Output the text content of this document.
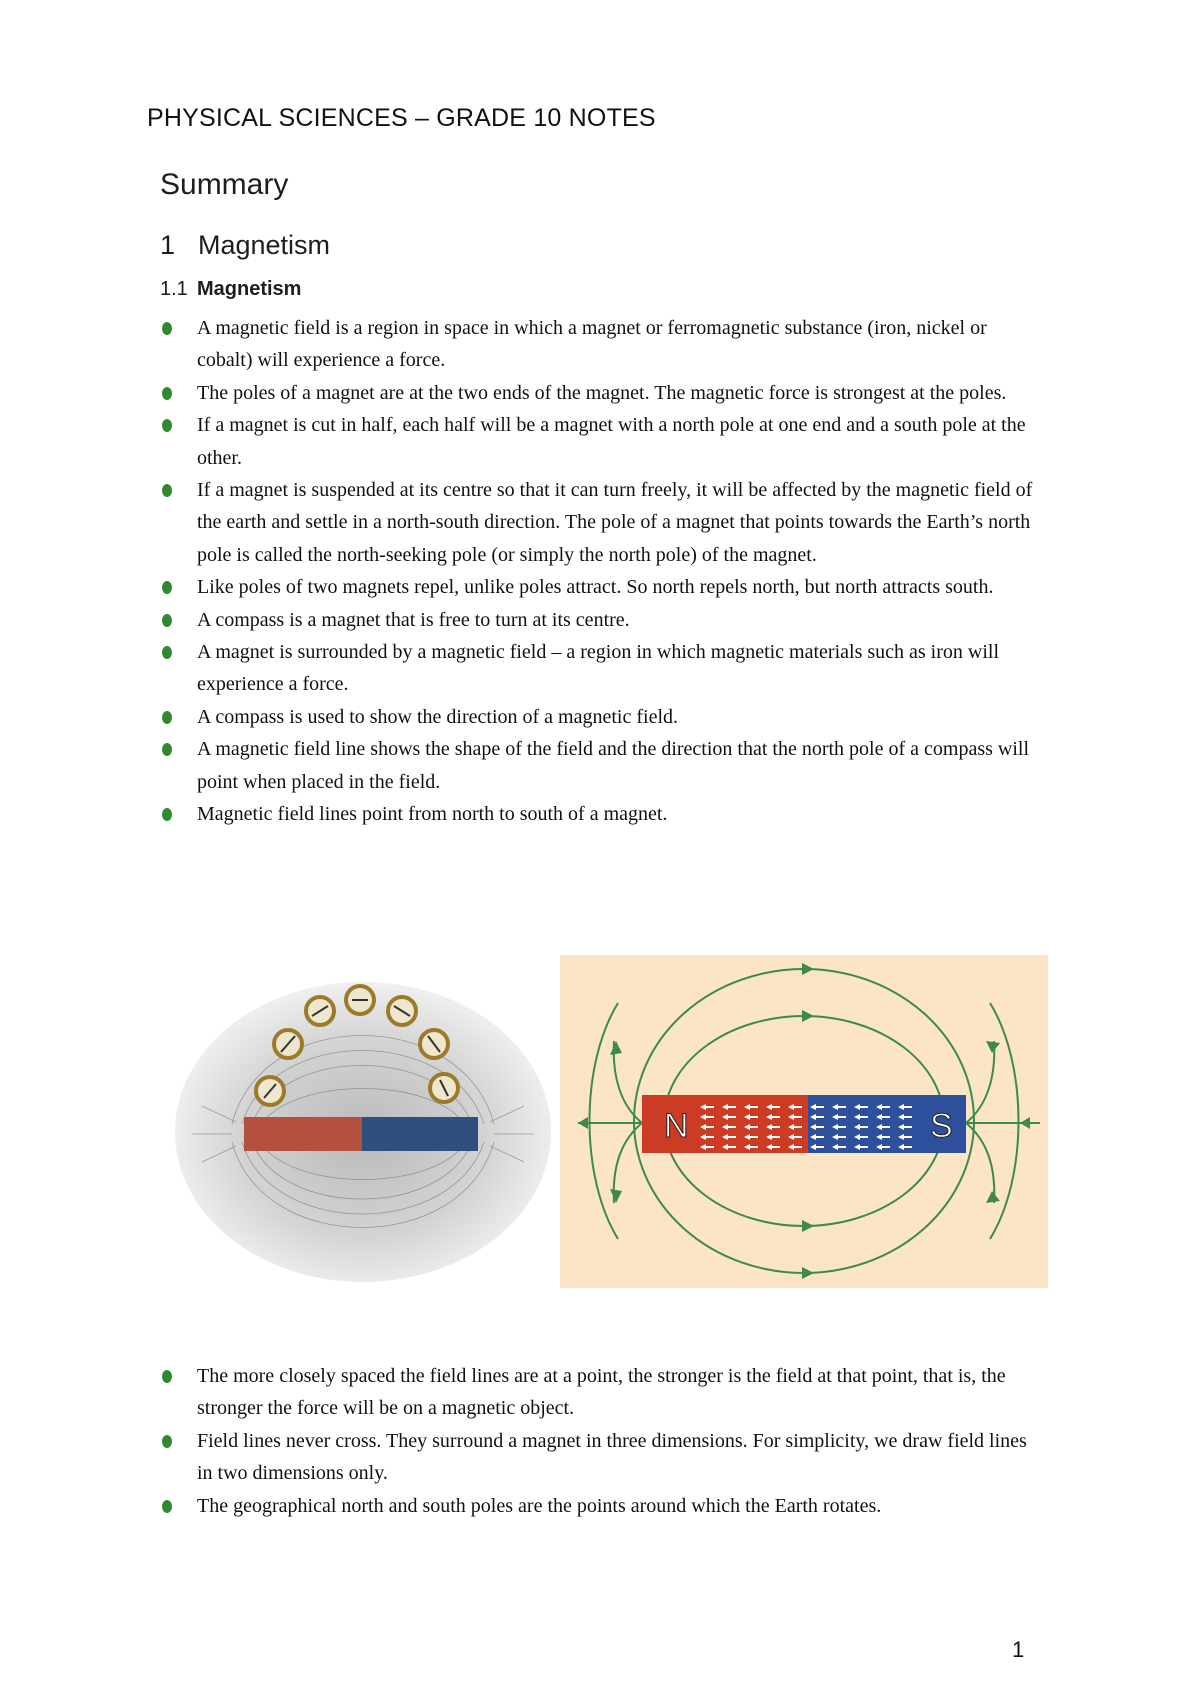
PHYSICAL SCIENCES – GRADE 10 NOTES
Summary
1 Magnetism
1.1 Magnetism
A magnetic field is a region in space in which a magnet or ferromagnetic substance (iron, nickel or cobalt) will experience a force.
The poles of a magnet are at the two ends of the magnet. The magnetic force is strongest at the poles.
If a magnet is cut in half, each half will be a magnet with a north pole at one end and a south pole at the other.
If a magnet is suspended at its centre so that it can turn freely, it will be affected by the magnetic field of the earth and settle in a north-south direction. The pole of a magnet that points towards the Earth’s north pole is called the north-seeking pole (or simply the north pole) of the magnet.
Like poles of two magnets repel, unlike poles attract. So north repels north, but north attracts south.
A compass is a magnet that is free to turn at its centre.
A magnet is surrounded by a magnetic field – a region in which magnetic materials such as iron will experience a force.
A compass is used to show the direction of a magnetic field.
A magnetic field line shows the shape of the field and the direction that the north pole of a compass will point when placed in the field.
Magnetic field lines point from north to south of a magnet.
N	S
The more closely spaced the field lines are at a point, the stronger is the field at that point, that is, the stronger the force will be on a magnetic object.
Field lines never cross. They surround a magnet in three dimensions. For simplicity, we draw field lines in two dimensions only.
The geographical north and south poles are the points around which the Earth rotates.
1
